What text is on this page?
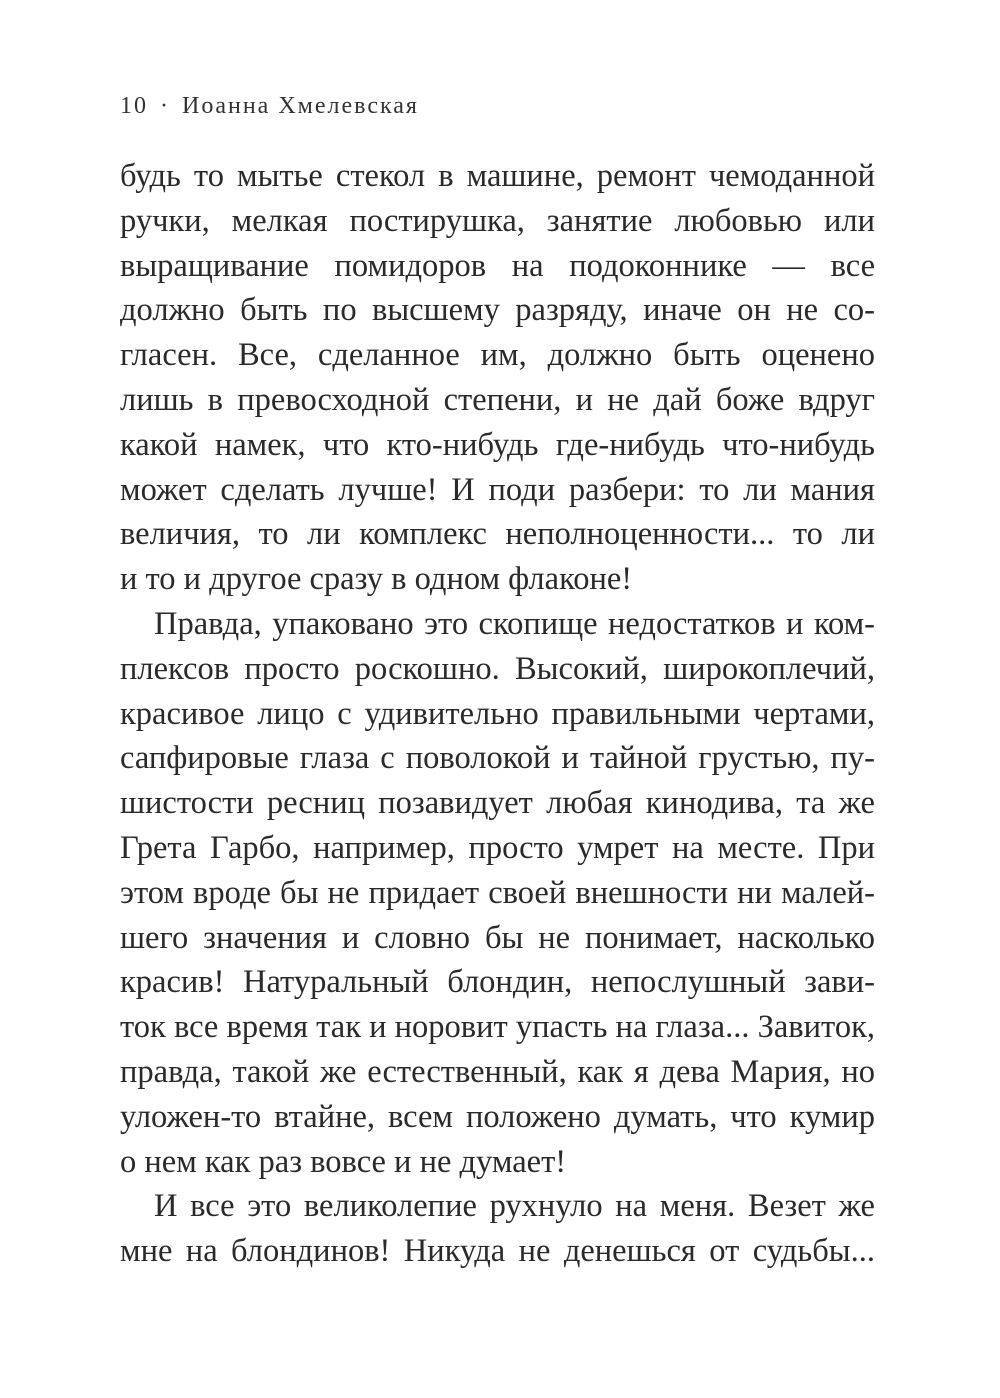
10 · Иоанна Хмелевская

будь то мытье стекол в машине, ремонт чемоданной
ручки, мелкая постирушка, занятие любовью или
выращивание помидоров на подоконнике — все
должно быть по высшему разряду, иначе он не со-
гласен. Все, сделанное им, должно быть оценено
лишь в превосходной степени, и не дай боже вдруг
какой намек, что кто-нибудь где-нибудь что-нибудь
может сделать лучше! И поди разбери: то ли мания
величия, то ли комплекс неполноценности... то ли
и то и другое сразу в одном флаконе!

Правда, упаковано это скопище недостатков и ком-
плексов просто роскошно. Высокий, широкоплечий,
красивое лицо с удивительно правильными чертами,
сапфировые глаза с поволокой и тайной грустью, пу-
шистости ресниц позавидует любая кинодива, та же
Грета Гарбо, например, просто умрет на месте. При
этом вроде бы не придает своей внешности ни малей-
шего значения и словно бы не понимает, насколько
красив! Натуральный блондин, непослушный зави-
ток все время так и норовит упасть на глаза... Завиток,
правда, такой же естественный, как я дева Мария, но
уложен-то втайне, всем положено думать, что кумир
о нем как раз вовсе и не думает!

И все это великолепие рухнуло на меня. Везет же
мне на блондинов! Никуда не денешься от судьбы...
